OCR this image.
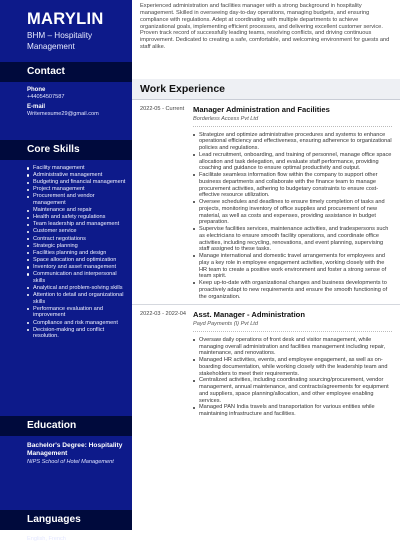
MARYLIN
BHM – Hospitality Management
Contact
Phone
+44054507587
E-mail
Writemesume29@gmail.com
Core Skills
Facility management
Administrative management
Budgeting and financial management
Project management
Procurement and vendor management
Maintenance and repair
Health and safety regulations
Team leadership and management
Customer service
Contract negotiations
Strategic planning
Facilities planning and design
Space allocation and optimization
Inventory and asset management
Communication and interpersonal skills
Analytical and problem-solving skills
Attention to detail and organizational skills
Performance evaluation and improvement
Compliance and risk management
Decision-making and conflict resolution.
Education
Bachelor's Degree: Hospitality Management
NIPS School of Hotel Management
Languages
English, French

Experienced administration and facilities manager with a strong background in hospitality management. Skilled in overseeing day-to-day operations, managing budgets, and ensuring compliance with regulations. Adept at coordinating with multiple departments to achieve organizational goals, implementing efficient processes, and delivering excellent customer service. Proven track record of successfully leading teams, resolving conflicts, and driving continuous improvement. Dedicated to creating a safe, comfortable, and welcoming environment for guests and staff alike.

Work Experience
2022-05 - Current	Manager Administration and Facilities
Borderless Access Pvt Ltd
Strategize and optimize administrative procedures and systems to enhance operational efficiency and effectiveness, ensuring adherence to organizational policies and regulations.
Lead recruitment, onboarding, and training of personnel, manage office space allocation and task delegation, and evaluate staff performance, providing coaching and guidance to ensure optimal productivity and output.
Facilitate seamless information flow within the company to support other business departments and collaborate with the finance team to manage procurement activities, adhering to budgetary constraints to ensure cost-effective resource utilization.
Oversee schedules and deadlines to ensure timely completion of tasks and projects, monitoring inventory of office supplies and procurement of new material, as well as costs and expenses, providing assistance in budget preparation.
Supervise facilities services, maintenance activities, and tradespersons such as electricians to ensure smooth facility operations, and coordinate office activities, including recycling, renovations, and event planning, supervising staff assigned to these tasks.
Manage international and domestic travel arrangements for employees and play a key role in employee engagement activities, working closely with the HR team to create a positive work environment and foster a strong sense of team spirit.
Keep up-to-date with organizational changes and business developments to proactively adapt to new requirements and ensure the smooth functioning of the organization.
2022-03 - 2022-04 Asst. Manager - Administration
Payd Payments (I) Pvt Ltd
Oversaw daily operations of front desk and visitor management, while managing overall administration and facilities management including repair, maintenance, and renovations.
Managed HR activities, events, and employee engagement, as well as on-boarding documentation, while working closely with the leadership team and stakeholders to meet their requirements.
Centralized activities, including coordinating sourcing/procurement, vendor management, annual maintenance, and contracts/agreements for equipment and suppliers, space planning/allocation, and other employee enabling services.
Managed PAN India travels and transportation for various entities while maintaining infrastructure and facilities.
